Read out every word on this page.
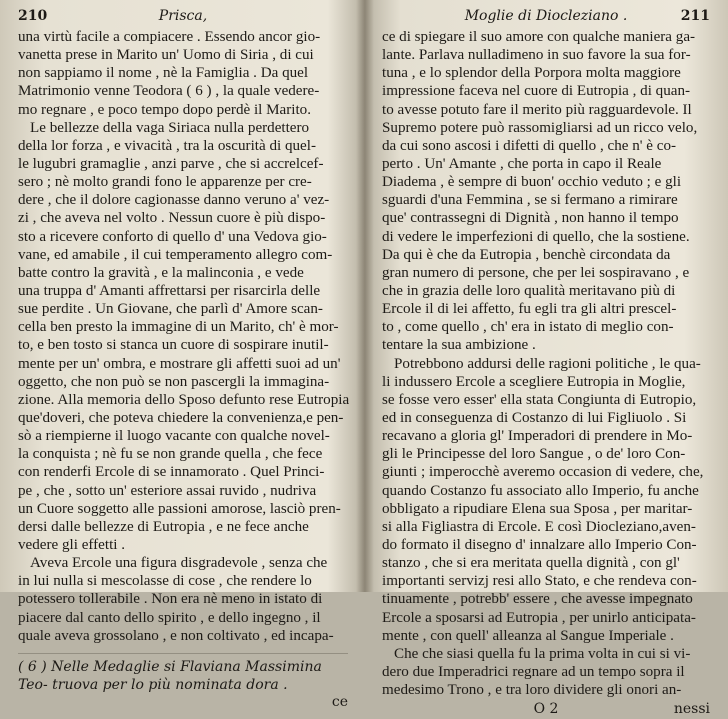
210	Prisca,
una virtù facile a compiacere . Essendo ancor gio-
vanetta prese in Marito un' Uomo di Siria , di cui
non sappiamo il nome , nè la Famiglia . Da quel
Matrimonio venne Teodora ( 6 ) , la quale vedere-
mo regnare , e poco tempo dopo perdè il Marito.
Le bellezze della vaga Siriaca nulla perdettero
della lor forza , e vivacità , tra la oscurità di quel-
le lugubri gramaglie , anzi parve , che si accrelcef-
sero ; nè molto grandi fono le apparenze per cre-
dere , che il dolore cagionasse danno veruno a' vez-
zi , che aveva nel volto . Nessun cuore è più dispo-
sto a ricevere conforto di quello d' una Vedova gio-
vane, ed amabile , il cui temperamento allegro com-
batte contro la gravità , e la malinconia , e vede
una truppa d' Amanti affrettarsi per risarcirla delle
sue perdite . Un Giovane, che parlì d' Amore scan-
cella ben presto la immagine di un Marito, ch' è mor-
to, e ben tosto si stanca un cuore di sospirare inutil-
mente per un' ombra, e mostrare gli affetti suoi ad un'
oggetto, che non può se non pascergli la immagina-
zione. Alla memoria dello Sposo defunto rese Eutropia
que'doveri, che poteva chiedere la convenienza,e pen-
sò a riempierne il luogo vacante con qualche novel-
la conquista ; nè fu se non grande quella , che fece
con renderfi Ercole di se innamorato . Quel Princi-
pe , che , sotto un' esteriore assai ruvido , nudriva
un Cuore soggetto alle passioni amorose, lasciò pren-
dersi dalle bellezze di Eutropia , e ne fece anche
vedere gli effetti .
Aveva Ercole una figura disgradevole , senza che
in lui nulla si mescolasse di cose , che rendere lo
potessero tollerabile . Non era nè meno in istato di
piacere dal canto dello spirito , e dello ingegno , il
quale aveva grossolano , e non coltivato , ed incapa-
( 6 ) Nelle Medaglie si Flaviana Massimina Teo- truova per lo più nominata dora .
ce
Moglie di Diocleziano .	211
ce di spiegare il suo amore con qualche maniera ga-
lante. Parlava nulladimeno in suo favore la sua for-
tuna , e lo splendor della Porpora molta maggiore
impressione faceva nel cuore di Eutropia , di quan-
to avesse potuto fare il merito più ragguardevole. Il
Supremo potere può rassomigliarsi ad un ricco velo,
da cui sono ascosi i difetti di quello , che n' è co-
perto . Un' Amante , che porta in capo il Reale
Diadema , è sempre di buon' occhio veduto ; e gli
sguardi d'una Femmina , se si fermano a rimirare
que' contrassegni di Dignità , non hanno il tempo
di vedere le imperfezioni di quello, che la sostiene.
Da qui è che da Eutropia , benchè circondata da
gran numero di persone, che per lei sospiravano , e
che in grazia delle loro qualità meritavano più di
Ercole il di lei affetto, fu egli tra gli altri prescel-
to , come quello , ch' era in istato di meglio con-
tentare la sua ambizione .
Potrebbono addursi delle ragioni politiche , le qua-
li indussero Ercole a scegliere Eutropia in Moglie,
se fosse vero esser' ella stata Congiunta di Eutropio,
ed in conseguenza di Costanzo di lui Figliuolo . Si
recavano a gloria gl' Imperadori di prendere in Mo-
gli le Principesse del loro Sangue , o de' loro Con-
giunti ; imperocchè averemo occasion di vedere, che,
quando Costanzo fu associato allo Imperio, fu anche
obbligato a ripudiare Elena sua Sposa , per maritar-
si alla Figliastra di Ercole. E così Diocleziano,aven-
do formato il disegno d' innalzare allo Imperio Con-
stanzo , che si era meritata quella dignità , con gl'
importanti servizj resi allo Stato, e che rendeva con-
tinuamente , potrebb' essere , che avesse impegnato
Ercole a sposarsi ad Eutropia , per unirlo anticipata-
mente , con quell' alleanza al Sangue Imperiale .
Che che siasi quella fu la prima volta in cui si vi-
dero due Imperadrici regnare ad un tempo sopra il
medesimo Trono , e tra loro dividere gli onori an-
O 2	nessi
